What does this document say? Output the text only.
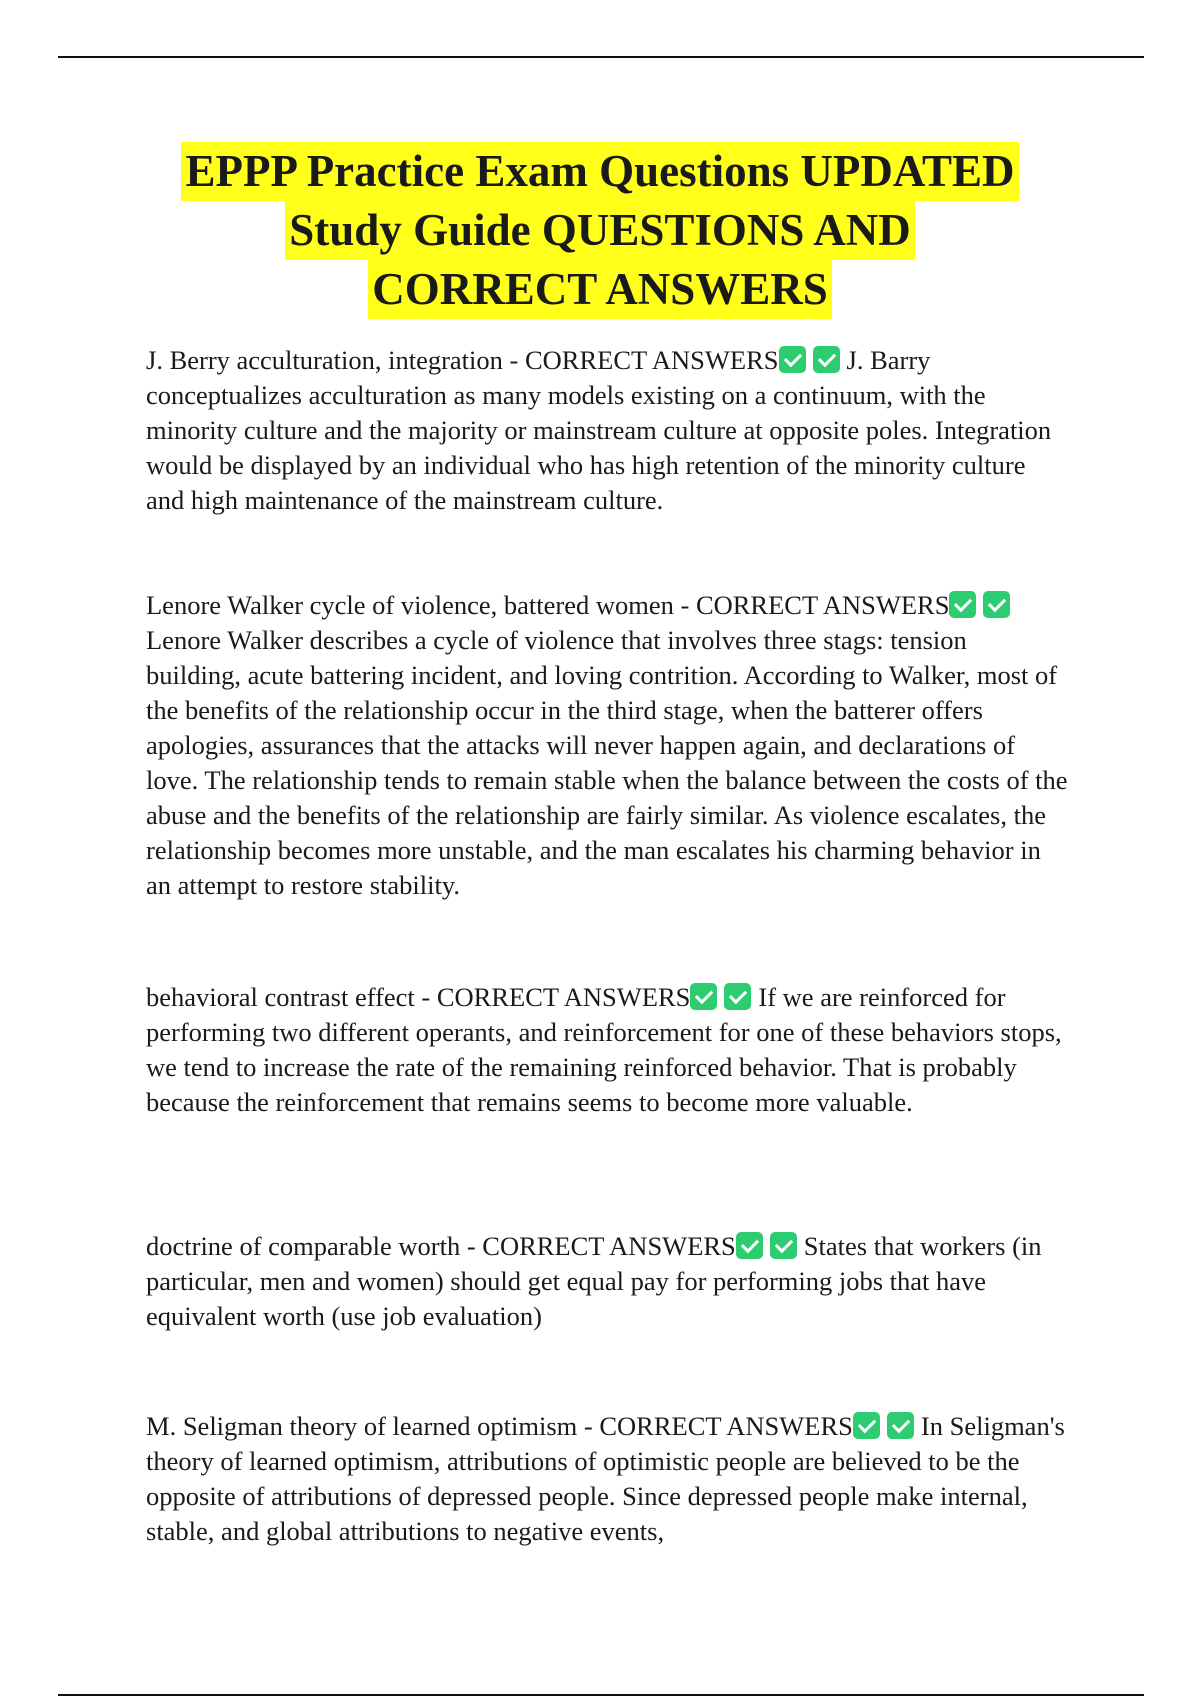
EPPP Practice Exam Questions UPDATED
Study Guide QUESTIONS AND
CORRECT ANSWERS

J. Berry acculturation, integration - CORRECT ANSWERS	J. Barry conceptualizes acculturation as many models existing on a continuum, with the minority culture and the majority or mainstream culture at opposite poles. Integration would be displayed by an individual who has high retention of the minority culture and high maintenance of the mainstream culture.

Lenore Walker cycle of violence, battered women - CORRECT ANSWERSLenore Walker describes a cycle of violence that involves three stags: tension building, acute battering incident, and loving contrition. According to Walker, most of the benefits of the relationship occur in the third stage, when the batterer offers apologies, assurances that the attacks will never happen again, and declarations of love. The relationship tends to remain stable when the balance between the costs of the abuse and the benefits of the relationship are fairly similar. As violence escalates, the relationship becomes more unstable, and the man escalates his charming behavior in an attempt to restore stability.

behavioral contrast effect - CORRECT ANSWERS	If we are reinforced for performing two different operants, and reinforcement for one of these behaviors stops, we tend to increase the rate of the remaining reinforced behavior. That is probably because the reinforcement that remains seems to become more valuable.

doctrine of comparable worth - CORRECT ANSWERS	States that workers (in particular, men and women) should get equal pay for performing jobs that have equivalent worth (use job evaluation)

M. Seligman theory of learned optimism - CORRECT ANSWERS	In Seligman's theory of learned optimism, attributions of optimistic people are believed to be the opposite of attributions of depressed people. Since depressed people make internal, stable, and global attributions to negative events,
